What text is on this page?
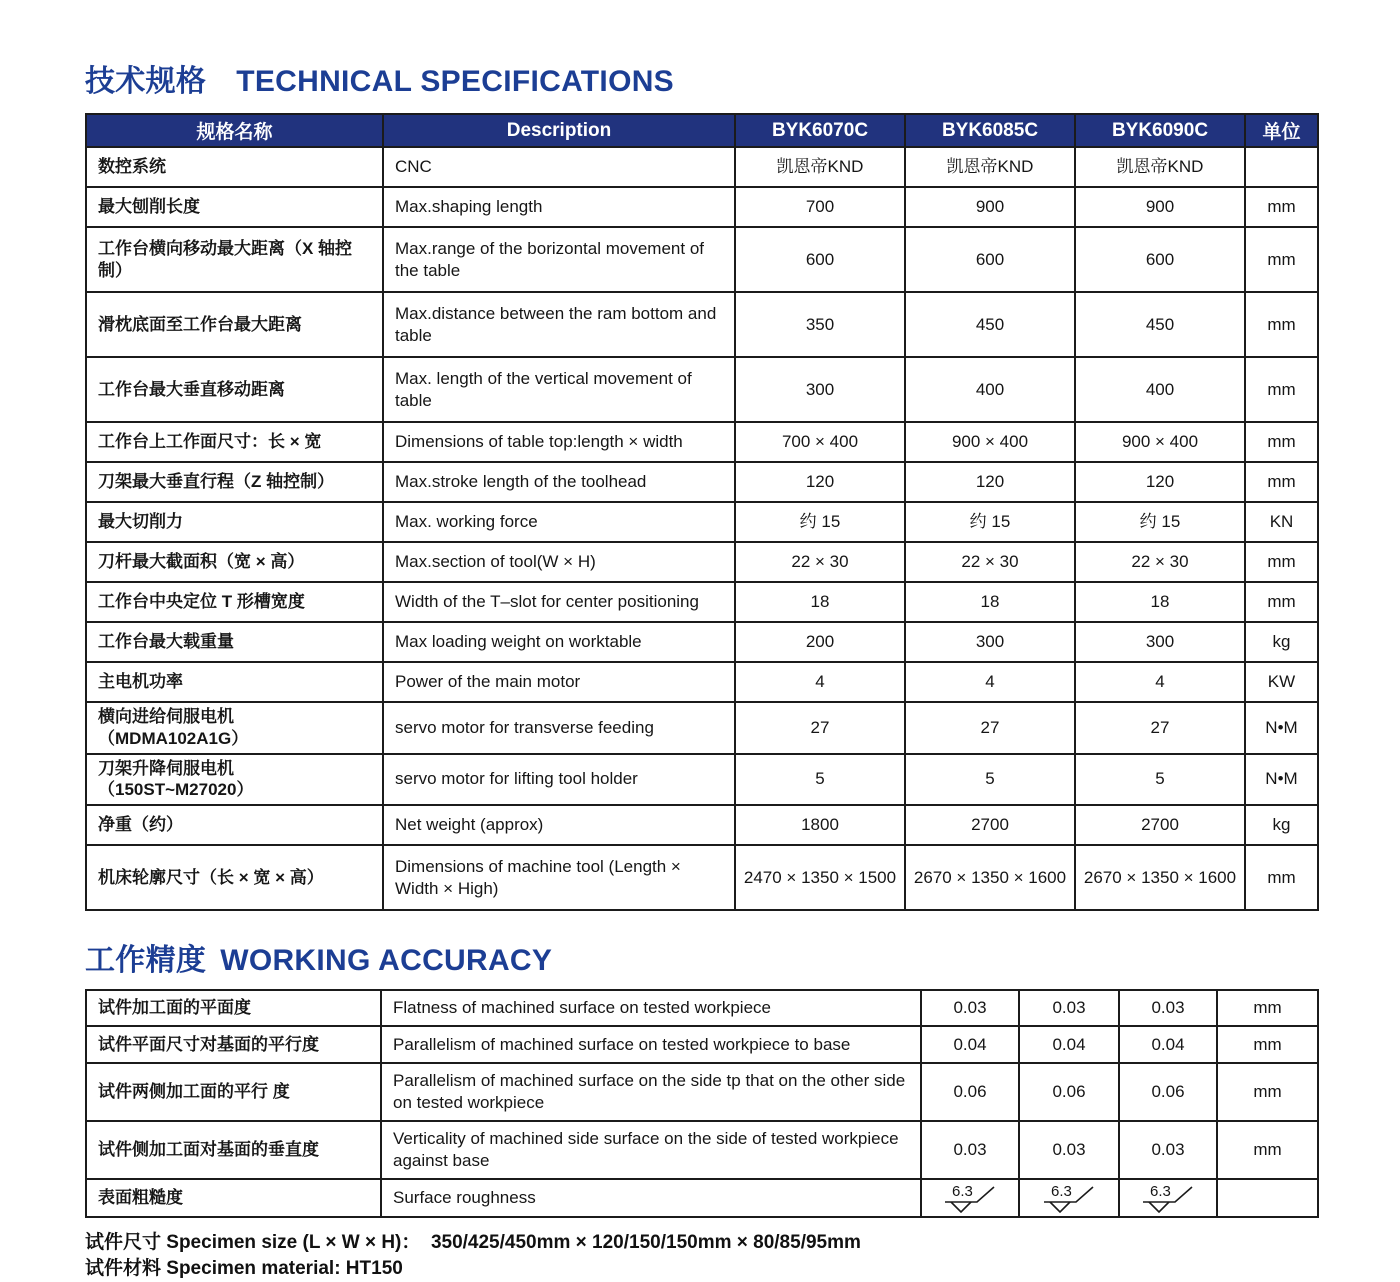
技术规格 TECHNICAL SPECIFICATIONS
规格名称	Description	BYK6070C	BYK6085C	BYK6090C	单位
数控系统	CNC	凯恩帝KND	凯恩帝KND	凯恩帝KND	
最大刨削长度	Max.shaping length	700	900	900	mm
工作台横向移动最大距离（X 轴控制）	Max.range of the borizontal movement of the table	600	600	600	mm
滑枕底面至工作台最大距离	Max.distance between the ram bottom and table	350	450	450	mm
工作台最大垂直移动距离	Max. length of the vertical movement of table	300	400	400	mm
工作台上工作面尺寸：长 × 宽	Dimensions of table top:length × width	700 × 400	900 × 400	900 × 400	mm
刀架最大垂直行程（Z 轴控制）	Max.stroke length of the toolhead	120	120	120	mm
最大切削力	Max. working force	约 15	约 15	约 15	KN
刀杆最大截面积（宽 × 高）	Max.section of tool(W × H)	22 × 30	22 × 30	22 × 30	mm
工作台中央定位 T 形槽宽度	Width of the T–slot for center positioning	18	18	18	mm
工作台最大载重量	Max loading weight on worktable	200	300	300	kg
主电机功率	Power of the main motor	4	4	4	KW
横向进给伺服电机（MDMA102A1G）	servo motor for transverse feeding	27	27	27	N•M
刀架升降伺服电机（150ST~M27020）	servo motor for lifting tool holder	5	5	5	N•M
净重（约）	Net weight (approx)	1800	2700	2700	kg
机床轮廓尺寸（长 × 宽 × 高）	Dimensions of machine tool (Length × Width × High)	2470 × 1350 × 1500	2670 × 1350 × 1600	2670 × 1350 × 1600	mm
工作精度 WORKING ACCURACY
试件加工面的平面度	Flatness of machined surface on tested workpiece	0.03	0.03	0.03	mm
试件平面尺寸对基面的平行度	Parallelism of machined surface on tested workpiece to base	0.04	0.04	0.04	mm
试件两侧加工面的平行 度	Parallelism of machined surface on the side tp that on the other side on tested workpiece	0.06	0.06	0.06	mm
试件侧加工面对基面的垂直度	Verticality of machined side surface on the side of tested workpiece against base	0.03	0.03	0.03	mm
表面粗糙度	Surface roughness	6.3	6.3	6.3	

试件尺寸 Specimen size (L × W × H)：  350/425/450mm × 120/150/150mm × 80/85/95mm
试件材料 Specimen material: HT150
